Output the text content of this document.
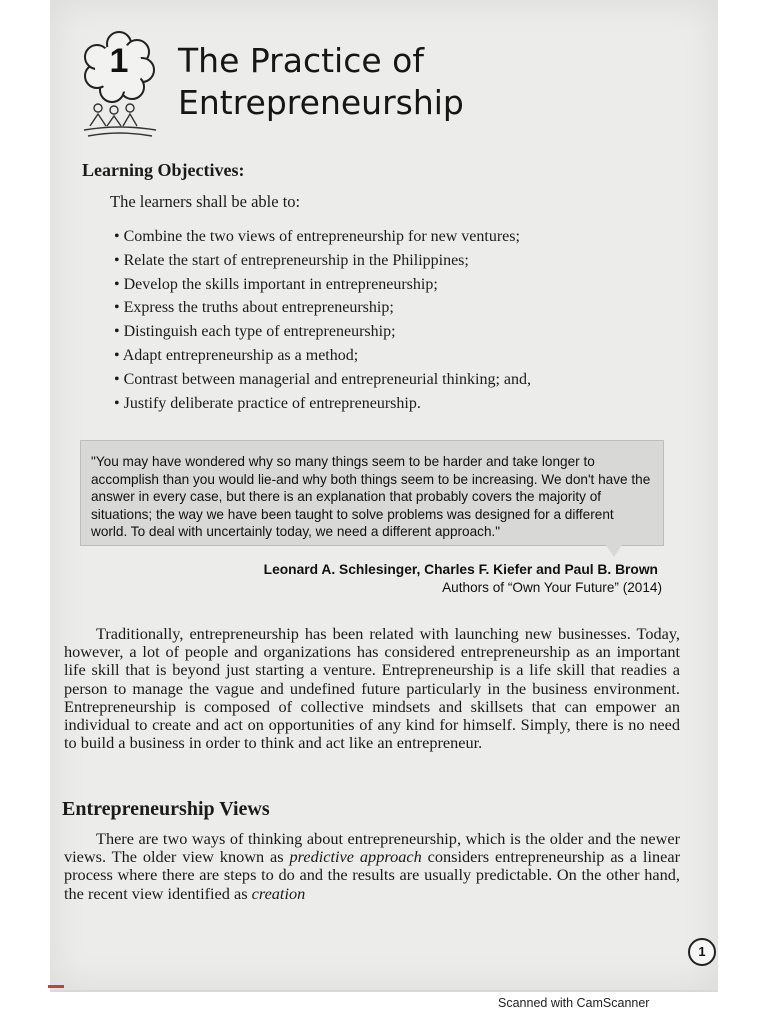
1	The Practice of
Entrepreneurship
Learning Objectives:
The learners shall be able to:
• Combine the two views of entrepreneurship for new ventures;
• Relate the start of entrepreneurship in the Philippines;
• Develop the skills important in entrepreneurship;
• Express the truths about entrepreneurship;
• Distinguish each type of entrepreneurship;
• Adapt entrepreneurship as a method;
• Contrast between managerial and entrepreneurial thinking; and,
• Justify deliberate practice of entrepreneurship.
"You may have wondered why so many things seem to be harder and take longer to accomplish than you would lie-and why both things seem to be increasing. We don't have the answer in every case, but there is an explanation that probably covers the majority of situations; the way we have been taught to solve problems was designed for a different world. To deal with uncertainly today, we need a different approach."
Leonard A. Schlesinger, Charles F. Kiefer and Paul B. Brown
Authors of “Own Your Future” (2014)
Traditionally, entrepreneurship has been related with launching new businesses. Today, however, a lot of people and organizations has considered entrepreneurship as an important life skill that is beyond just starting a venture. Entrepreneurship is a life skill that readies a person to manage the vague and undefined future particularly in the business environment. Entrepreneurship is composed of collective mindsets and skillsets that can empower an individual to create and act on opportunities of any kind for himself. Simply, there is no need to build a business in order to think and act like an entrepreneur.
Entrepreneurship Views
There are two ways of thinking about entrepreneurship, which is the older and the newer views. The older view known as predictive approach considers entrepreneurship as a linear process where there are steps to do and the results are usually predictable. On the other hand, the recent view identified as creation
1
Scanned with CamScanner
